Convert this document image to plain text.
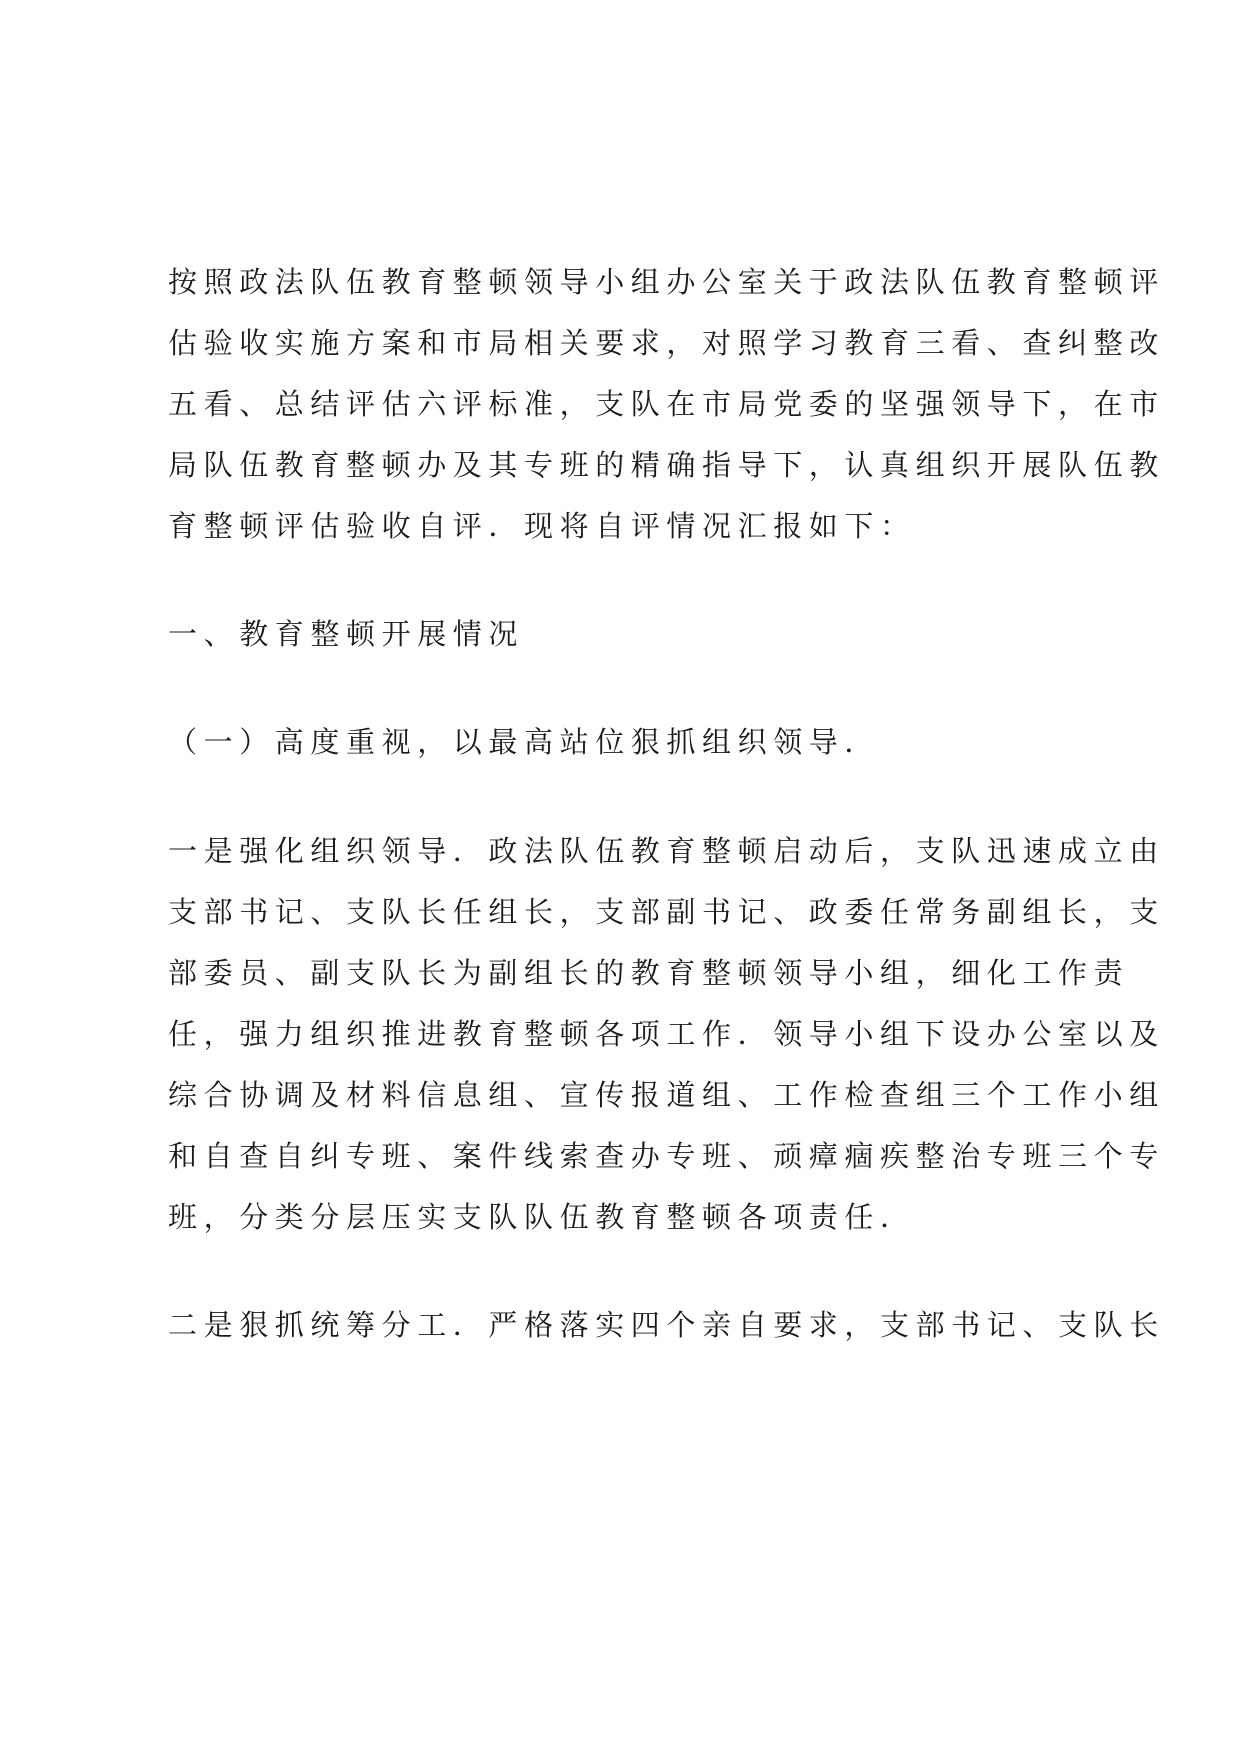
按照政法队伍教育整顿领导小组办公室关于政法队伍教育整顿评
估验收实施方案和市局相关要求，对照学习教育三看、查纠整改
五看、总结评估六评标准，支队在市局党委的坚强领导下，在市
局队伍教育整顿办及其专班的精确指导下，认真组织开展队伍教
育整顿评估验收自评．现将自评情况汇报如下：
一、教育整顿开展情况
（一）高度重视，以最高站位狠抓组织领导．
一是强化组织领导．政法队伍教育整顿启动后，支队迅速成立由
支部书记、支队长任组长，支部副书记、政委任常务副组长，支
部委员、副支队长为副组长的教育整顿领导小组，细化工作责
任，强力组织推进教育整顿各项工作．领导小组下设办公室以及
综合协调及材料信息组、宣传报道组、工作检查组三个工作小组
和自查自纠专班、案件线索查办专班、顽瘴痼疾整治专班三个专
班，分类分层压实支队队伍教育整顿各项责任．
二是狠抓统筹分工．严格落实四个亲自要求，支部书记、支队长
